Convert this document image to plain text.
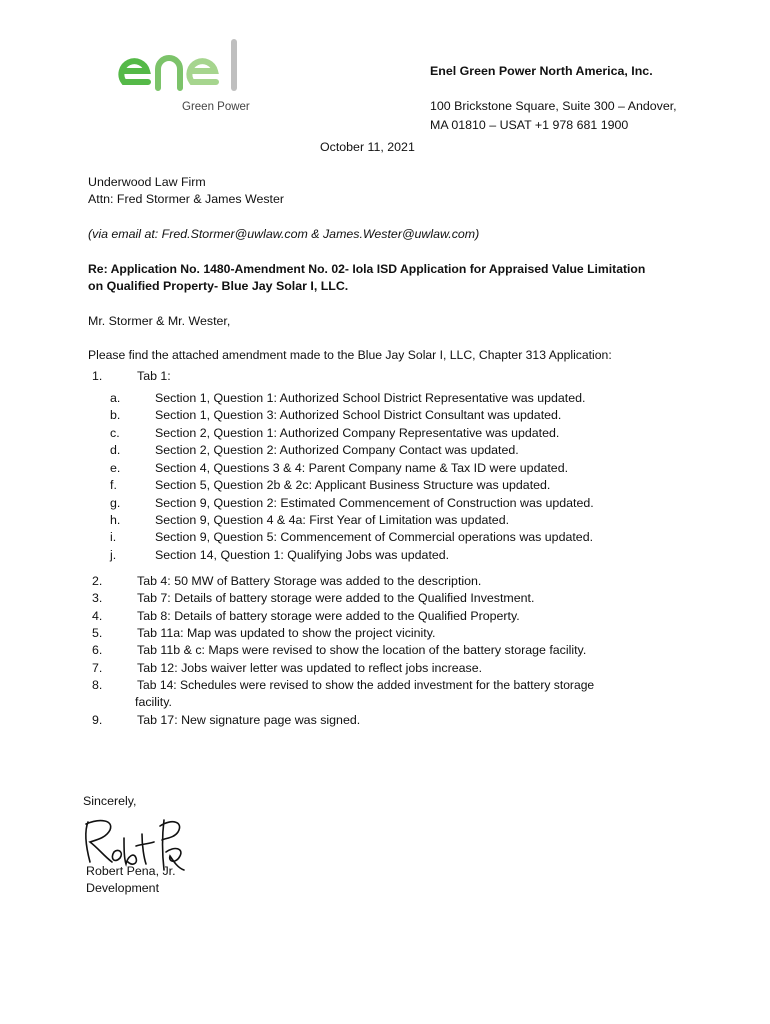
Green Power
Enel Green Power North America, Inc.
100 Brickstone Square, Suite 300 – Andover,
MA 01810 – USAT +1 978 681 1900
October 11, 2021
Underwood Law Firm
Attn: Fred Stormer & James Wester
(via email at: Fred.Stormer@uwlaw.com & James.Wester@uwlaw.com)
Re: Application No. 1480-Amendment No. 02- Iola ISD Application for Appraised Value Limitation
on Qualified Property- Blue Jay Solar I, LLC.
Mr. Stormer & Mr. Wester,
Please find the attached amendment made to the Blue Jay Solar I, LLC, Chapter 313 Application:
1.	Tab 1:
a.	Section 1, Question 1: Authorized School District Representative was updated.
b.	Section 1, Question 3: Authorized School District Consultant was updated.
c.	Section 2, Question 1: Authorized Company Representative was updated.
d.	Section 2, Question 2: Authorized Company Contact was updated.
e.	Section 4, Questions 3 & 4: Parent Company name & Tax ID were updated.
f.	Section 5, Question 2b & 2c: Applicant Business Structure was updated.
g.	Section 9, Question 2: Estimated Commencement of Construction was updated.
h.	Section 9, Question 4 & 4a: First Year of Limitation was updated.
i.	Section 9, Question 5: Commencement of Commercial operations was updated.
j.	Section 14, Question 1: Qualifying Jobs was updated.
2.	Tab 4: 50 MW of Battery Storage was added to the description.
3.	Tab 7: Details of battery storage were added to the Qualified Investment.
4.	Tab 8: Details of battery storage were added to the Qualified Property.
5.	Tab 11a: Map was updated to show the project vicinity.
6.	Tab 11b & c: Maps were revised to show the location of the battery storage facility.
7.	Tab 12: Jobs waiver letter was updated to reflect jobs increase.
8.	Tab 14: Schedules were revised to show the added investment for the battery storage
facility.
9.	Tab 17: New signature page was signed.
Sincerely,
Robert Pena, Jr.
Development
